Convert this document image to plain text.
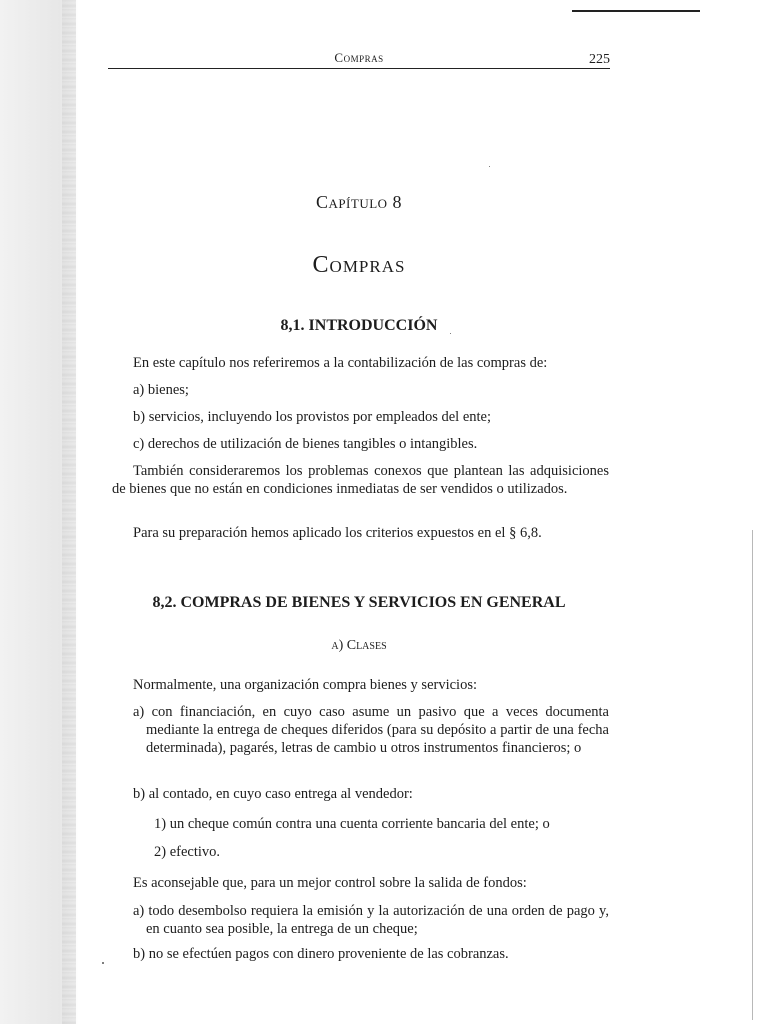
Compras	225
Capítulo 8
Compras
8,1. INTRODUCCIÓN
En este capítulo nos referiremos a la contabilización de las compras de:
a) bienes;
b) servicios, incluyendo los provistos por empleados del ente;
c) derechos de utilización de bienes tangibles o intangibles.
También consideraremos los problemas conexos que plantean las adquisiciones de bienes que no están en condiciones inmediatas de ser vendidos o utilizados.
Para su preparación hemos aplicado los criterios expuestos en el § 6,8.
8,2. COMPRAS DE BIENES Y SERVICIOS EN GENERAL
a) Clases
Normalmente, una organización compra bienes y servicios:
a) con financiación, en cuyo caso asume un pasivo que a veces documenta mediante la entrega de cheques diferidos (para su depósito a partir de una fecha determinada), pagarés, letras de cambio u otros instrumentos financieros; o
b) al contado, en cuyo caso entrega al vendedor:
1) un cheque común contra una cuenta corriente bancaria del ente; o
2) efectivo.
Es aconsejable que, para un mejor control sobre la salida de fondos:
a) todo desembolso requiera la emisión y la autorización de una orden de pago y, en cuanto sea posible, la entrega de un cheque;
b) no se efectúen pagos con dinero proveniente de las cobranzas.
